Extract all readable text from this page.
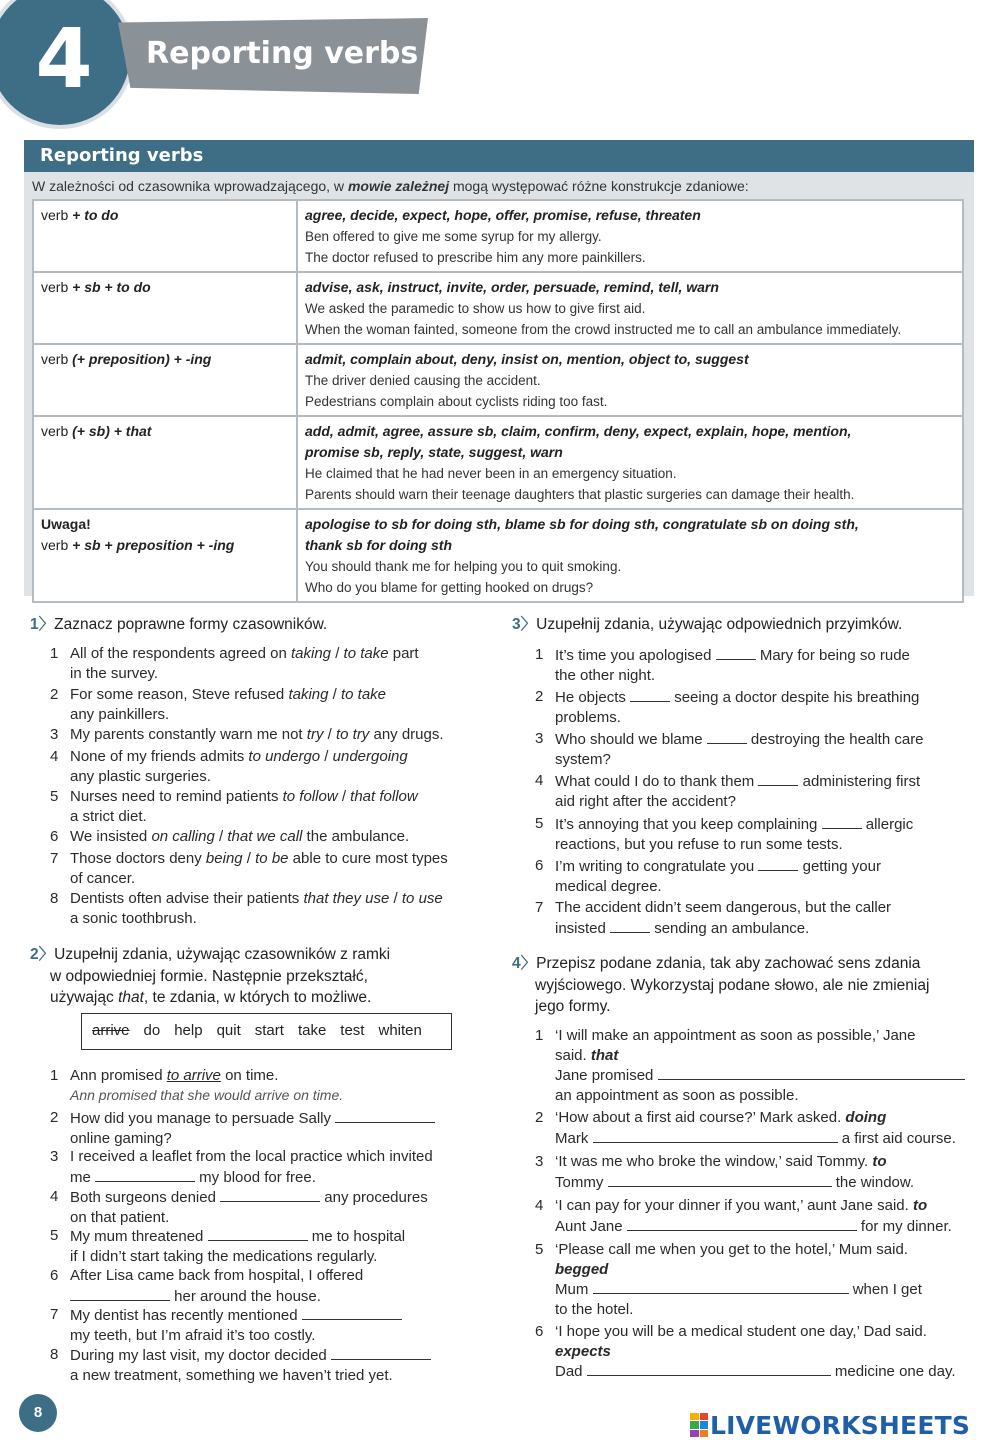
4 Reporting verbs
Reporting verbs
W zależności od czasownika wprowadzającego, w mowie zależnej mogą występować różne konstrukcje zdaniowe:
verb + to do	agree, decide, expect, hope, offer, promise, refuse, threaten
Ben offered to give me some syrup for my allergy.
The doctor refused to prescribe him any more painkillers.

verb + sb + to do	advise, ask, instruct, invite, order, persuade, remind, tell, warn
We asked the paramedic to show us how to give first aid.
When the woman fainted, someone from the crowd instructed me to call an ambulance immediately.

verb (+ preposition) + -ing	admit, complain about, deny, insist on, mention, object to, suggest
The driver denied causing the accident.
Pedestrians complain about cyclists riding too fast.

verb (+ sb) + that	add, admit, agree, assure sb, claim, confirm, deny, expect, explain, hope, mention,
promise sb, reply, state, suggest, warn
He claimed that he had never been in an emergency situation.
Parents should warn their teenage daughters that plastic surgeries can damage their health.

Uwaga!
verb + sb + preposition + -ing	apologise to sb for doing sth, blame sb for doing sth, congratulate sb on doing sth,
thank sb for doing sth
You should thank me for helping you to quit smoking.
Who do you blame for getting hooked on drugs?
1〉Zaznacz poprawne formy czasowników.
1 All of the respondents agreed on taking / to take part
in the survey.
2 For some reason, Steve refused taking / to take
any painkillers.
3 My parents constantly warn me not try / to try any drugs.
4 None of my friends admits to undergo / undergoing
any plastic surgeries.
5 Nurses need to remind patients to follow / that follow
a strict diet.
6 We insisted on calling / that we call the ambulance.
7 Those doctors deny being / to be able to cure most types
of cancer.
8 Dentists often advise their patients that they use / to use
a sonic toothbrush.
2〉Uzupełnij zdania, używając czasowników z ramki
w odpowiedniej formie. Następnie przekształć,
używając that, te zdania, w których to możliwe.
arrive do help quit start take test whiten
1 Ann promised to arrive on time.
Ann promised that she would arrive on time.
2 How did you manage to persuade Sally
online gaming?
3 I received a leaflet from the local practice which invited
me	my blood for free.
4 Both surgeons denied	any procedures
on that patient.
5 My mum threatened	me to hospital
if I didn’t start taking the medications regularly.
6 After Lisa came back from hospital, I offered
her around the house.
7 My dentist has recently mentioned
my teeth, but I’m afraid it’s too costly.
8 During my last visit, my doctor decided
a new treatment, something we haven’t tried yet.
3〉Uzupełnij zdania, używając odpowiednich przyimków.
1 It’s time you apologised	Mary for being so rude
the other night.
2 He objects	seeing a doctor despite his breathing
problems.
3 Who should we blame	destroying the health care
system?
4 What could I do to thank them	administering first
aid right after the accident?
5 It’s annoying that you keep complaining	allergic
reactions, but you refuse to run some tests.
6 I’m writing to congratulate you	getting your
medical degree.
7 The accident didn’t seem dangerous, but the caller
insisted	sending an ambulance.
4〉Przepisz podane zdania, tak aby zachować sens zdania
wyjściowego. Wykorzystaj podane słowo, ale nie zmieniaj
jego formy.
1 ‘I will make an appointment as soon as possible,’ Jane
said. that
Jane promised
an appointment as soon as possible.
2 ‘How about a first aid course?’ Mark asked. doing
Mark	a first aid course.
3 ‘It was me who broke the window,’ said Tommy. to
Tommy	the window.
4 ‘I can pay for your dinner if you want,’ aunt Jane said. to
Aunt Jane	for my dinner.
5 ‘Please call me when you get to the hotel,’ Mum said.
begged
Mum	when I get
to the hotel.
6 ‘I hope you will be a medical student one day,’ Dad said.
expects
Dad	medicine one day.
8	LIVEWORKSHEETS
